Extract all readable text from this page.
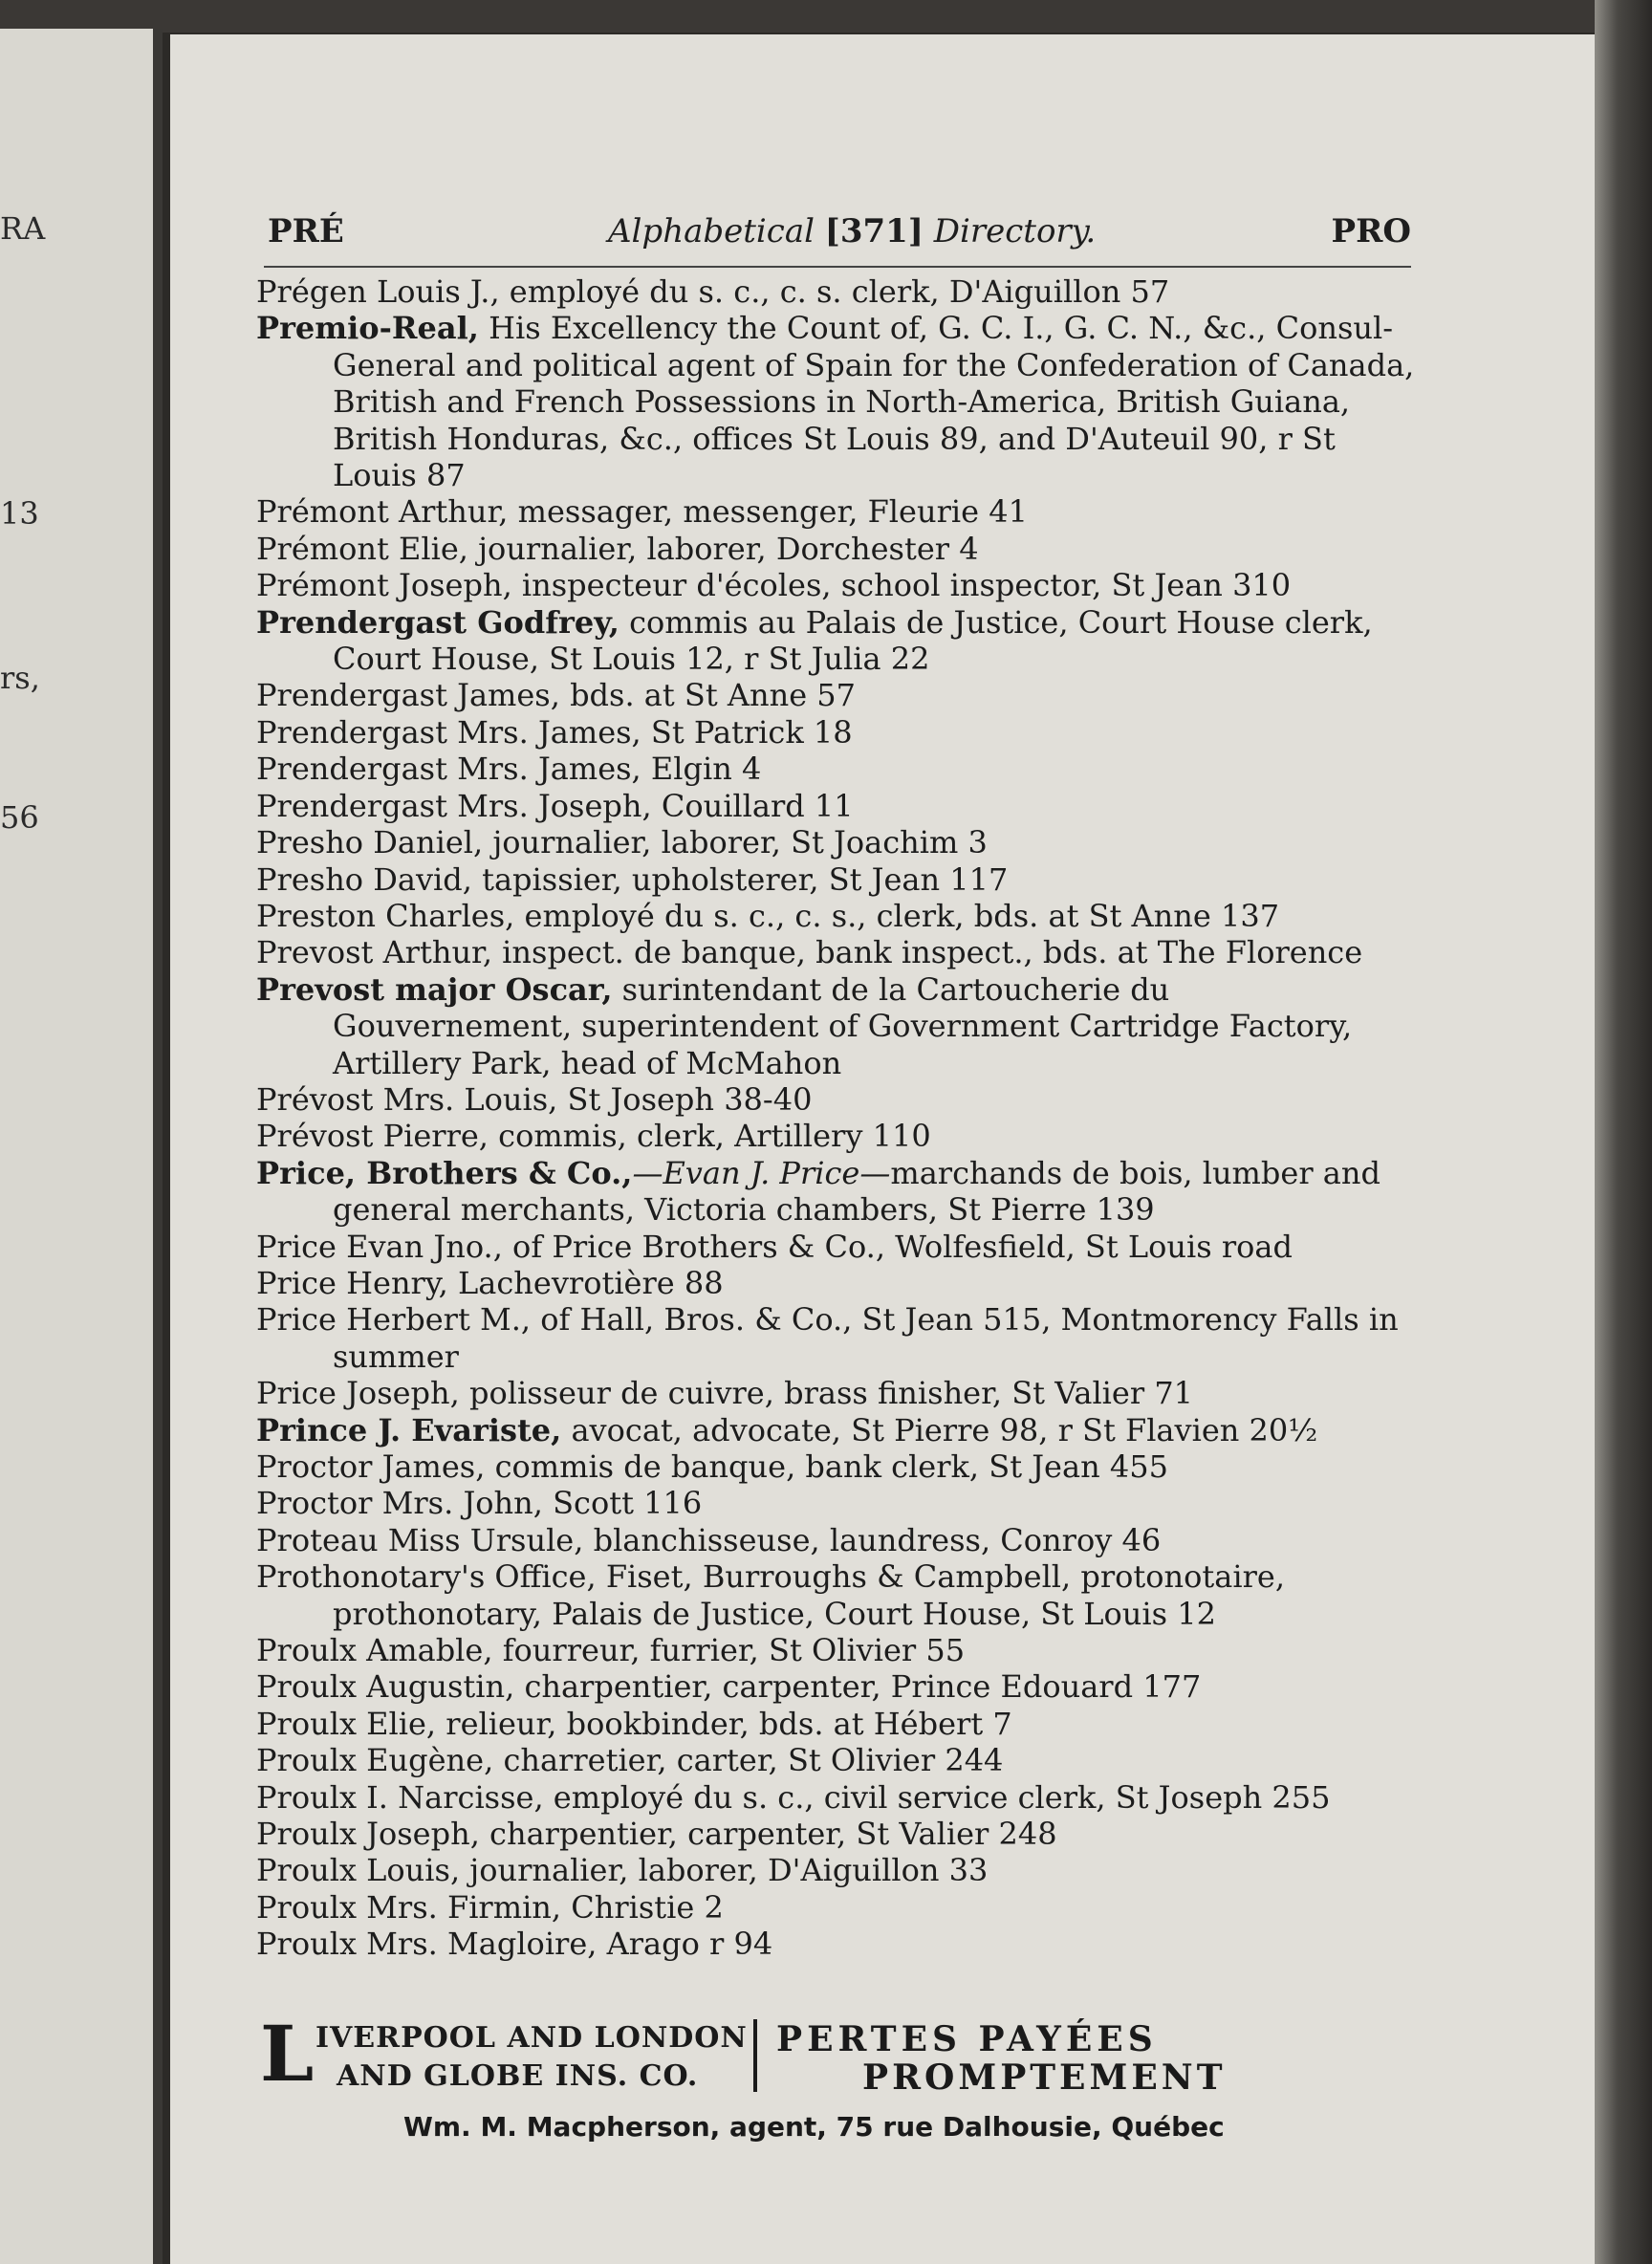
RA
13
rs,
56
PRÉ	Alphabetical [371] Directory.	PRO
Prégen Louis J., employé du s. c., c. s. clerk, D'Aiguillon 57
Premio-Real, His Excellency the Count of, G. C. I., G. C. N., &c., Consul-General and political agent of Spain for the Confederation of Canada, British and French Possessions in North-America, British Guiana, British Honduras, &c., offices St Louis 89, and D'Auteuil 90, r St Louis 87
Prémont Arthur, messager, messenger, Fleurie 41
Prémont Elie, journalier, laborer, Dorchester 4
Prémont Joseph, inspecteur d'écoles, school inspector, St Jean 310
Prendergast Godfrey, commis au Palais de Justice, Court House clerk, Court House, St Louis 12, r St Julia 22
Prendergast James, bds. at St Anne 57
Prendergast Mrs. James, St Patrick 18
Prendergast Mrs. James, Elgin 4
Prendergast Mrs. Joseph, Couillard 11
Presho Daniel, journalier, laborer, St Joachim 3
Presho David, tapissier, upholsterer, St Jean 117
Preston Charles, employé du s. c., c. s., clerk, bds. at St Anne 137
Prevost Arthur, inspect. de banque, bank inspect., bds. at The Florence
Prevost major Oscar, surintendant de la Cartoucherie du Gouvernement, superintendent of Government Cartridge Factory, Artillery Park, head of McMahon
Prévost Mrs. Louis, St Joseph 38-40
Prévost Pierre, commis, clerk, Artillery 110
Price, Brothers & Co.,—Evan J. Price—marchands de bois, lumber and general merchants, Victoria chambers, St Pierre 139
Price Evan Jno., of Price Brothers & Co., Wolfesfield, St Louis road
Price Henry, Lachevrotière 88
Price Herbert M., of Hall, Bros. & Co., St Jean 515, Montmorency Falls in summer
Price Joseph, polisseur de cuivre, brass finisher, St Valier 71
Prince J. Evariste, avocat, advocate, St Pierre 98, r St Flavien 20½
Proctor James, commis de banque, bank clerk, St Jean 455
Proctor Mrs. John, Scott 116
Proteau Miss Ursule, blanchisseuse, laundress, Conroy 46
Prothonotary's Office, Fiset, Burroughs & Campbell, protonotaire, prothonotary, Palais de Justice, Court House, St Louis 12
Proulx Amable, fourreur, furrier, St Olivier 55
Proulx Augustin, charpentier, carpenter, Prince Edouard 177
Proulx Elie, relieur, bookbinder, bds. at Hébert 7
Proulx Eugène, charretier, carter, St Olivier 244
Proulx I. Narcisse, employé du s. c., civil service clerk, St Joseph 255
Proulx Joseph, charpentier, carpenter, St Valier 248
Proulx Louis, journalier, laborer, D'Aiguillon 33
Proulx Mrs. Firmin, Christie 2
Proulx Mrs. Magloire, Arago r 94
L IVERPOOL AND LONDON
AND GLOBE INS. CO.
PERTES PAYÉES
PROMPTEMENT
Wm. M. Macpherson, agent, 75 rue Dalhousie, Québec
